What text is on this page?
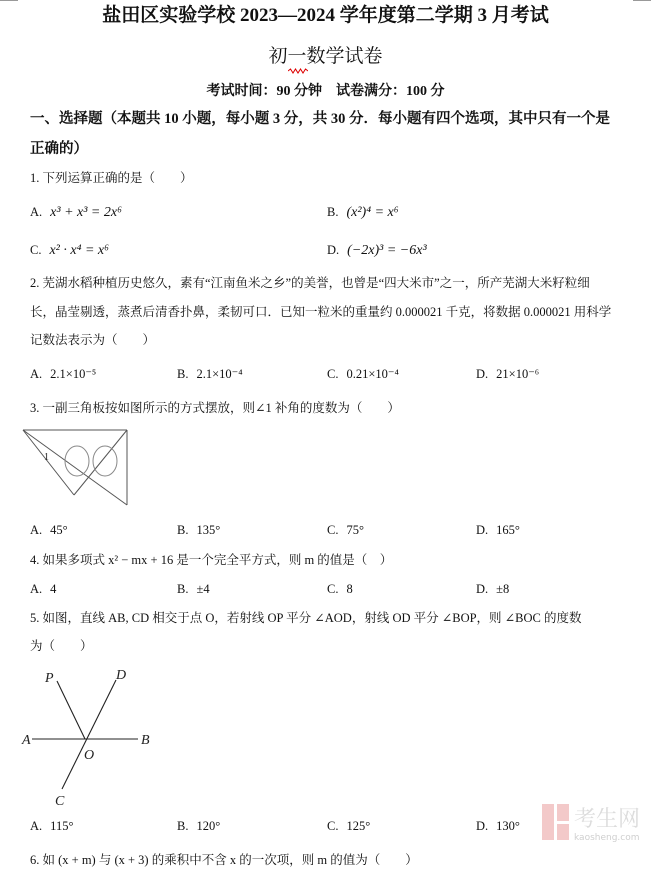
盐田区实验学校 2023—2024 学年度第二学期 3 月考试
初一数学试卷
考试时间：90 分钟　试卷满分：100 分
一、选择题（本题共 10 小题，每小题 3 分，共 30 分．每小题有四个选项，其中只有一个是
正确的）
1. 下列运算正确的是（　　）
A. x³ + x³ = 2x⁶	B. (x²)⁴ = x⁶
C. x² · x⁴ = x⁶	D. (−2x)³ = −6x³
2. 芜湖水稻种植历史悠久，素有“江南鱼米之乡”的美誉，也曾是“四大米市”之一，所产芜湖大米籽粒细
长，晶莹剔透，蒸煮后清香扑鼻，柔韧可口．已知一粒米的重量约 0.000021 千克，将数据 0.000021 用科学
记数法表示为（　　）
A. 2.1×10⁻⁵	B. 2.1×10⁻⁴	C. 0.21×10⁻⁴	D. 21×10⁻⁶
3. 一副三角板按如图所示的方式摆放，则∠1 补角的度数为（　　）
1
A. 45°	B. 135°	C. 75°	D. 165°
4. 如果多项式 x² − mx + 16 是一个完全平方式，则 m 的值是（　）
A. 4	B. ±4	C. 8	D. ±8
5. 如图，直线 AB, CD 相交于点 O，若射线 OP 平分 ∠AOD，射线 OD 平分 ∠BOP，则 ∠BOC 的度数
为（　　）
P	D
A	B
O
C
考生网
kaosheng.com
A. 115°	B. 120°	C. 125°	D. 130°
6. 如 (x + m) 与 (x + 3) 的乘积中不含 x 的一次项，则 m 的值为（　　）
